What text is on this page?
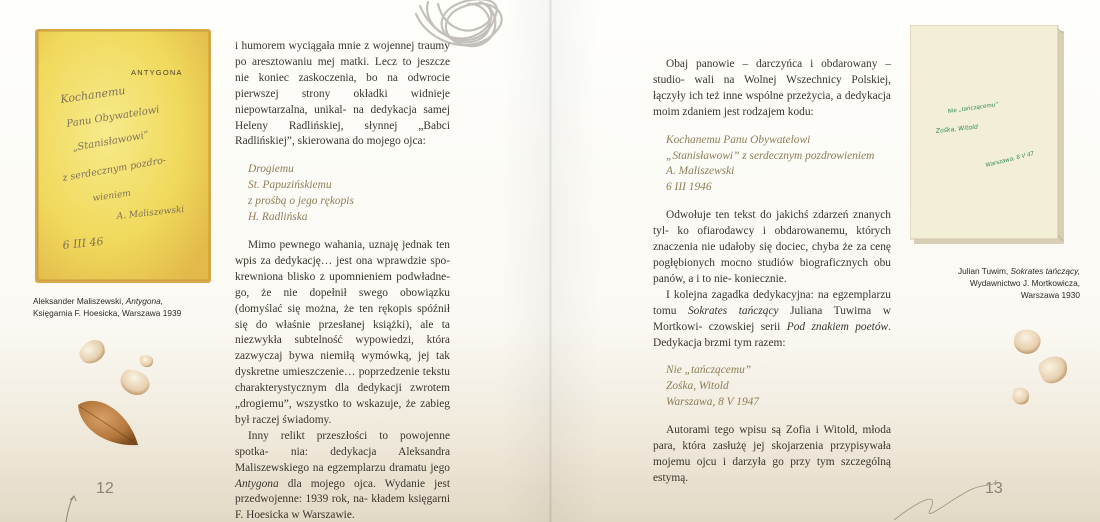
ANTYGONA
Kochanemu
Panu Obywatelowi
„Stanisławowi”
z serdecznym pozdro-
wieniem
A. Maliszewski
6 III 46
Nie „tańczącemu”
Zośka, Witold
Warszawa, 8 V 47
Aleksander Maliszewski, Antygona,
Księgarnia F. Hoesicka, Warszawa 1939
Julian Tuwim, Sokrates tańczący,
Wydawnictwo J. Mortkowicza,
Warszawa 1930

i humorem wyciągała mnie z wojennej traumy po aresztowaniu mej matki. Lecz to jeszcze nie koniec zaskoczenia, bo na odwrocie pierwszej strony okładki widnieje niepowtarzalna, unikal- na dedykacja samej Heleny Radlińskiej, słynnej „Babci Radlińskiej”, skierowana do mojego ojca:

Drogiemu
St. Papuzińskiemu
z prośbą o jego rękopis
H. Radlińska

Mimo pewnego wahania, uznaję jednak ten wpis za dedykację… jest ona wprawdzie spo- krewniona blisko z upomnieniem podwładne- go, że nie dopełnił swego obowiązku (domyślać się można, że ten rękopis spóźnił się do właśnie przesłanej książki), ale ta niezwykła subtelność wypowiedzi, która zazwyczaj bywa niemiłą wymówką, jej tak dyskretne umieszczenie… poprzedzenie tekstu charakterystycznym dla dedykacji zwrotem „drogiemu”, wszystko to wskazuje, że zabieg był raczej świadomy.

Inny relikt przeszłości to powojenne spotka- nia: dedykacja Aleksandra Maliszewskiego na egzemplarzu dramatu jego Antygona dla mojego ojca. Wydanie jest przedwojenne: 1939 rok, na- kładem księgarni F. Hoesicka w Warszawie.

Obaj panowie – darczyńca i obdarowany – studio- wali na Wolnej Wszechnicy Polskiej, łączyły ich też inne wspólne przeżycia, a dedykacja moim zdaniem jest rodzajem kodu:

Kochanemu Panu Obywatelowi
„Stanisławowi” z serdecznym pozdrowieniem
A. Maliszewski
6 III 1946

Odwołuje ten tekst do jakichś zdarzeń znanych tyl- ko ofiarodawcy i obdarowanemu, których znaczenia nie udałoby się dociec, chyba że za cenę pogłębionych mocno studiów biograficznych obu panów, a i to nie- koniecznie.

I kolejna zagadka dedykacyjna: na egzemplarzu tomu Sokrates tańczący Juliana Tuwima w Mortkowi- czowskiej serii Pod znakiem poetów. Dedykacja brzmi tym razem:

Nie „tańczącemu”
Zośka, Witold
Warszawa, 8 V 1947

Autorami tego wpisu są Zofia i Witold, młoda para, która zasłużę jej skojarzenia przypisywała mojemu ojcu i darzyła go przy tym szczególną estymą.

12	13
